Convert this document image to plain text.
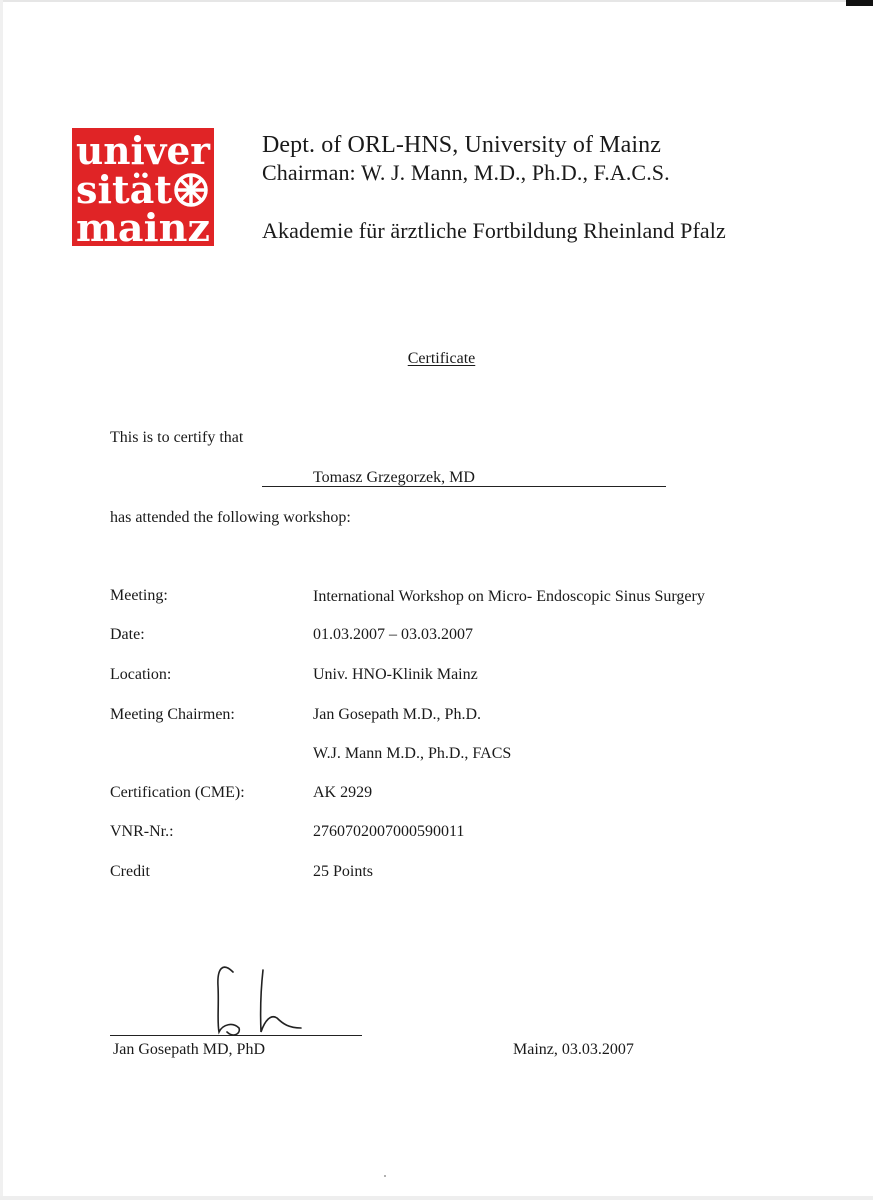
univer
sität
mainz
Dept. of ORL-HNS, University of Mainz
Chairman: W. J. Mann, M.D., Ph.D., F.A.C.S.
Akademie für ärztliche Fortbildung Rheinland Pfalz
Certificate
This is to certify that
Tomasz Grzegorzek, MD
has attended the following workshop:
Meeting:	International Workshop on Micro- Endoscopic Sinus Surgery
Date:	01.03.2007 – 03.03.2007
Location:	Univ. HNO-Klinik Mainz
Meeting Chairmen:	Jan Gosepath M.D., Ph.D.
W.J. Mann M.D., Ph.D., FACS
Certification (CME):	AK 2929
VNR-Nr.:	2760702007000590011
Credit	25 Points
Jan Gosepath MD, PhD	Mainz, 03.03.2007
